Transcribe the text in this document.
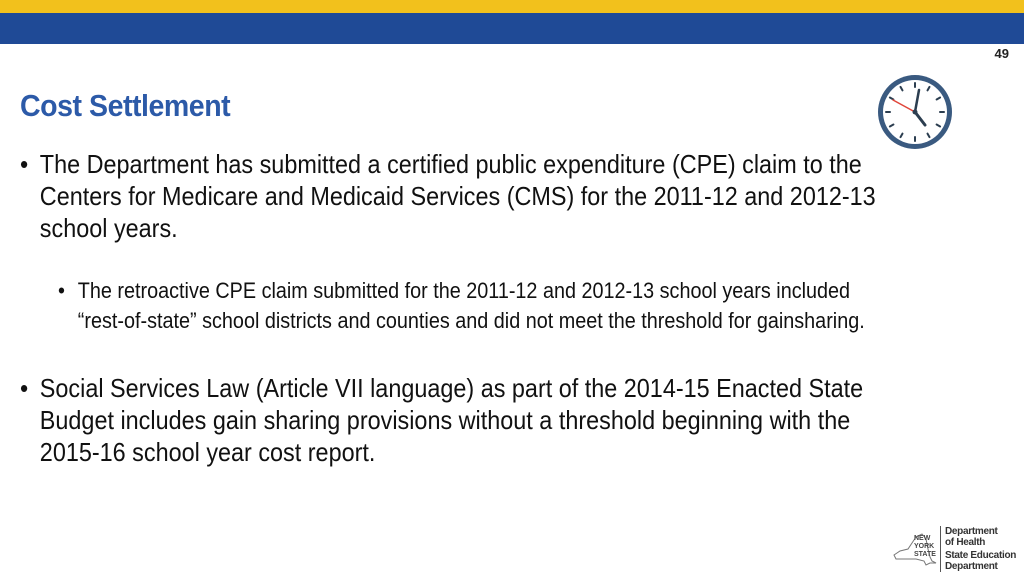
49
Cost Settlement
• The Department has submitted a certified public expenditure (CPE) claim to the Centers for Medicare and Medicaid Services (CMS) for the 2011-12 and 2012-13 school years.
• The retroactive CPE claim submitted for the 2011-12 and 2012-13 school years included “rest-of-state” school districts and counties and did not meet the threshold for gainsharing.
• Social Services Law (Article VII language) as part of the 2014-15 Enacted State Budget includes gain sharing provisions without a threshold beginning with the 2015-16 school year cost report.
NEW
YORK
STATE
Department
of Health
State Education
Department
